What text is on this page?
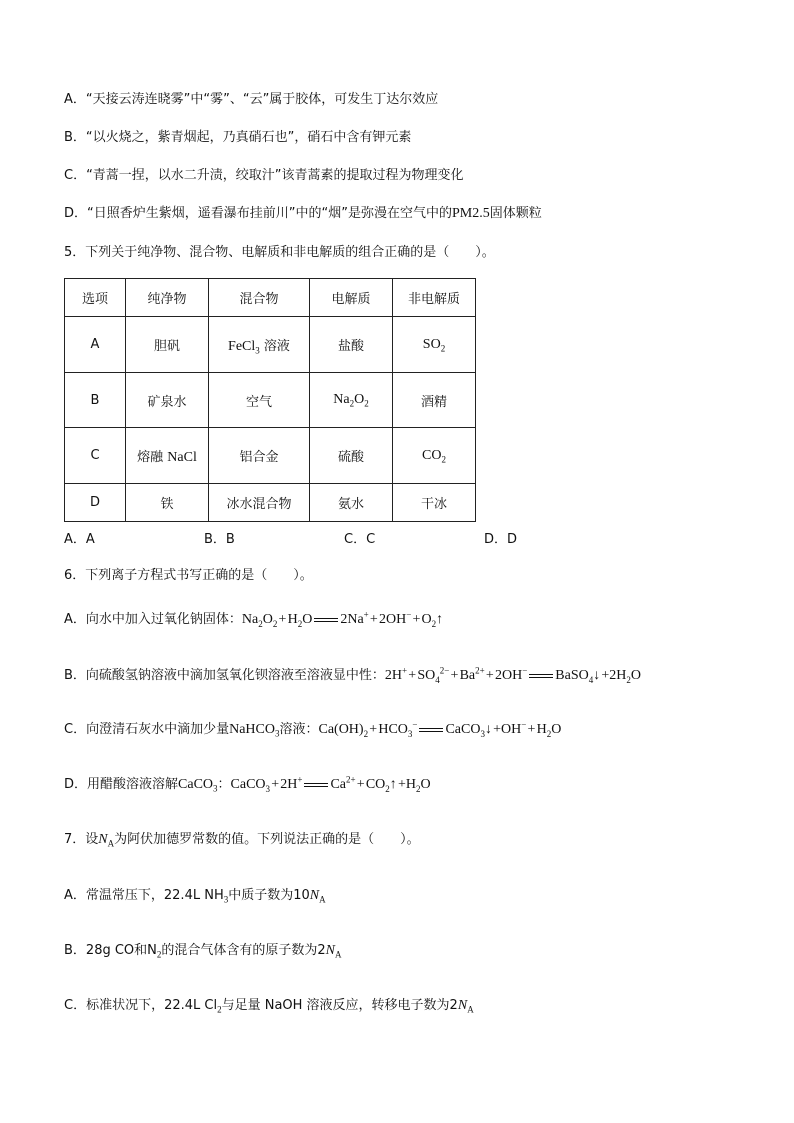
A．“天接云涛连晓雾”中“雾”、“云”属于胶体，可发生丁达尔效应
B．“以火烧之，紫青烟起，乃真硝石也”，硝石中含有钾元素
C．“青蒿一捏，以水二升渍，绞取汁”该青蒿素的提取过程为物理变化
D．“日照香炉生紫烟，遥看瀑布挂前川”中的“烟”是弥漫在空气中的PM2.5固体颗粒
5．下列关于纯净物、混合物、电解质和非电解质的组合正确的是（　　）。
选项	纯净物	混合物	电解质	非电解质
A	胆矾	FeCl$_3$ 溶液	盐酸	$SO_2$
B	矿泉水	空气	$Na_2O_2$	酒精
C	熔融 NaCl	铝合金	硫酸	$CO_2$
D	铁	冰水混合物	氨水	干冰
A．A	B．B	C．C	D．D
6．下列离子方程式书写正确的是（　　）。
A．向水中加入过氧化钠固体：$Na_2O_2$ + $H_2O$ 2Na+ + 2OH− + $O_2↑$
B．向硫酸氢钠溶液中滴加氢氧化钡溶液至溶液显中性：2H+ + $SO_4^{2-}$ + $Ba^{2+}$ + 2OH− BaSO$_4$↓ $+2H_2O$
C．向澄清石灰水中滴加少量NaHCO$_3$溶液：$Ca(OH)_2$ + $HCO_3^-$ CaCO$_3$↓ +OH− + $H_2O$
D．用醋酸溶液溶解CaCO$_3$：CaCO$_3$ + 2H+ $Ca^{2+}$ + $CO_2↑$ $+H_2O$
7．设$N_A$为阿伏加德罗常数的值。下列说法正确的是（　　）。
A．常温常压下，22.4L $NH_3$中质子数为$10N_A$
B．28g CO和$N_2$的混合气体含有的原子数为$2N_A$
C．标准状况下，22.4L $Cl_2$与足量 NaOH 溶液反应，转移电子数为$2N_A$
